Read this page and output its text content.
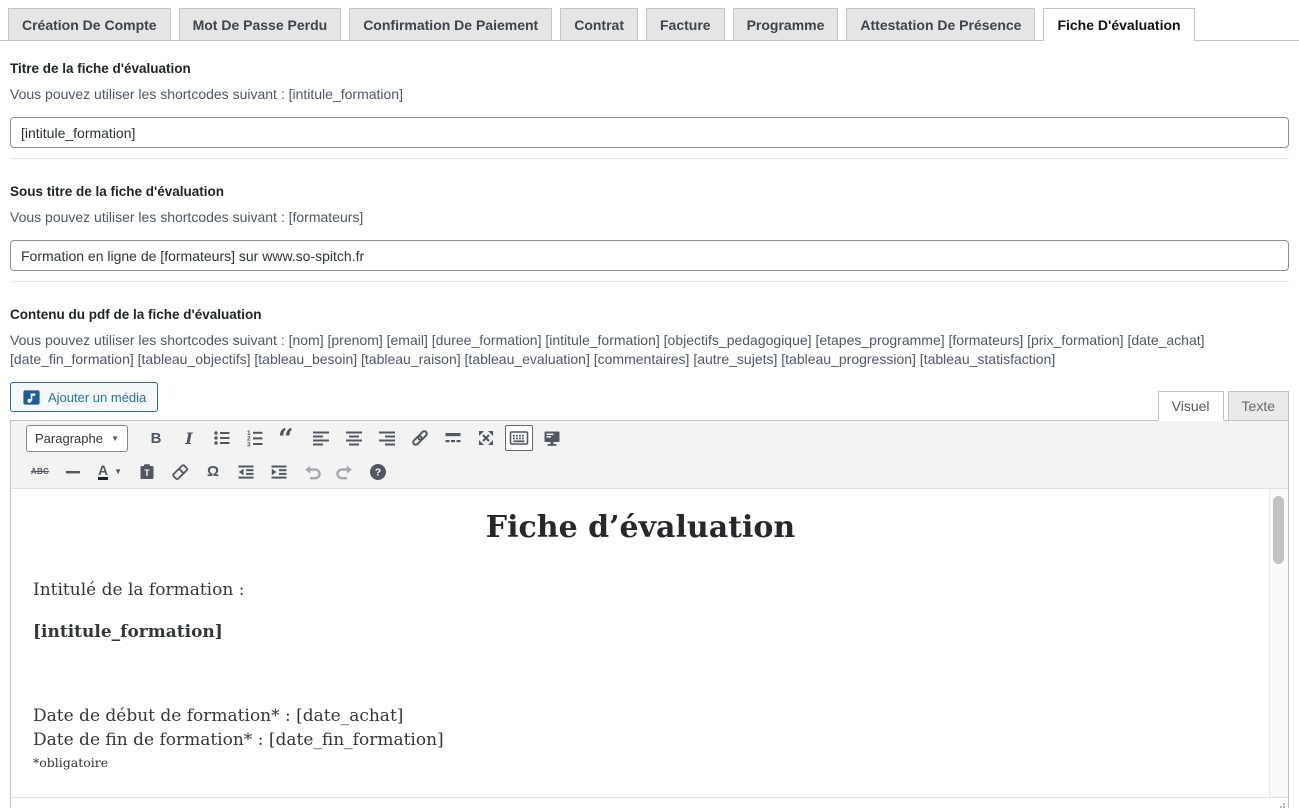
Création De Compte	Mot De Passe Perdu	Confirmation De Paiement	Contrat	Facture	Programme	Attestation De Présence	Fiche D'évaluation
Titre de la fiche d'évaluation
Vous pouvez utiliser les shortcodes suivant : [intitule_formation]
[intitule_formation]
Sous titre de la fiche d'évaluation
Vous pouvez utiliser les shortcodes suivant : [formateurs]
Formation en ligne de [formateurs] sur www.so-spitch.fr
Contenu du pdf de la fiche d'évaluation
Vous pouvez utiliser les shortcodes suivant : [nom] [prenom] [email] [duree_formation] [intitule_formation] [objectifs_pedagogique] [etapes_programme] [formateurs] [prix_formation] [date_achat] [date_fin_formation] [tableau_objectifs] [tableau_besoin] [tableau_raison] [tableau_evaluation] [commentaires] [autre_sujets] [tableau_progression] [tableau_statisfaction]
Ajouter un média
Visuel	Texte
Paragraphe ▼ B I	1
2
3 “
ABC	A ▼ T	Ω	?
Fiche d’évaluation

Intitulé de la formation :

[intitule_formation]

Date de début de formation* : [date_achat]
Date de fin de formation* : [date_fin_formation]

*obligatoire
